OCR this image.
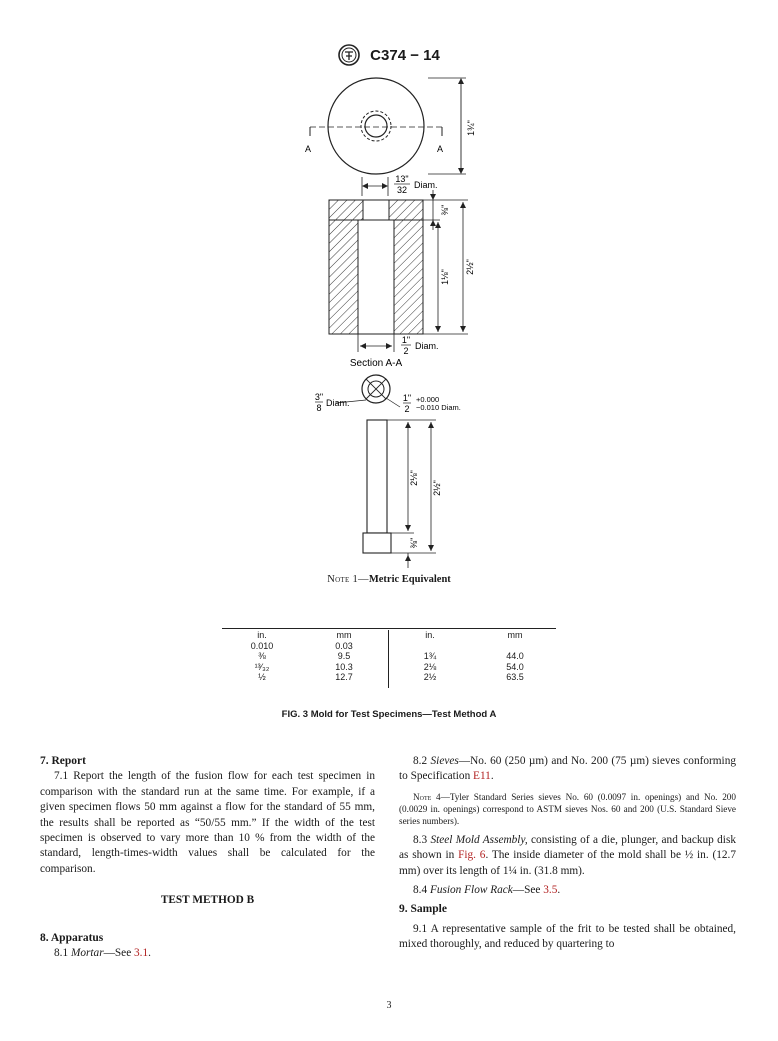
C374 − 14
A	A
1¾"
13"
32 Diam.
⅜"
1⅛"
2½"
1"
2 Diam.
Section A-A
3"
8 Diam.	1"
2
+0.000
−0.010 Diam.
2⅛"
2½"
⅜"
Note 1—Metric Equivalent
in.
0.010
⅜
¹³⁄₃₂
½
mm
0.03
9.5
10.3
12.7
in.
1¾
2⅛
2½
mm
44.0
54.0
63.5
FIG. 3 Mold for Test Specimens—Test Method A
7. Report

7.1 Report the length of the fusion flow for each test specimen in comparison with the standard run at the same time. For example, if a given specimen flows 50 mm against a flow for the standard of 55 mm, the results shall be reported as “50/55 mm.” If the width of the test specimen is observed to vary more than 10 % from the width of the standard, length-times-width values shall be calculated for the comparison.

TEST METHOD B
8. Apparatus

8.1 Mortar—See 3.1.

8.2 Sieves—No. 60 (250 µm) and No. 200 (75 µm) sieves conforming to Specification E11.

Note 4—Tyler Standard Series sieves No. 60 (0.0097 in. openings) and No. 200 (0.0029 in. openings) correspond to ASTM sieves Nos. 60 and 200 (U.S. Standard Sieve series numbers).

8.3 Steel Mold Assembly, consisting of a die, plunger, and backup disk as shown in Fig. 6. The inside diameter of the mold shall be ½ in. (12.7 mm) over its length of 1¼ in. (31.8 mm).

8.4 Fusion Flow Rack—See 3.5.

9. Sample

9.1 A representative sample of the frit to be tested shall be obtained, mixed thoroughly, and reduced by quartering to

3
